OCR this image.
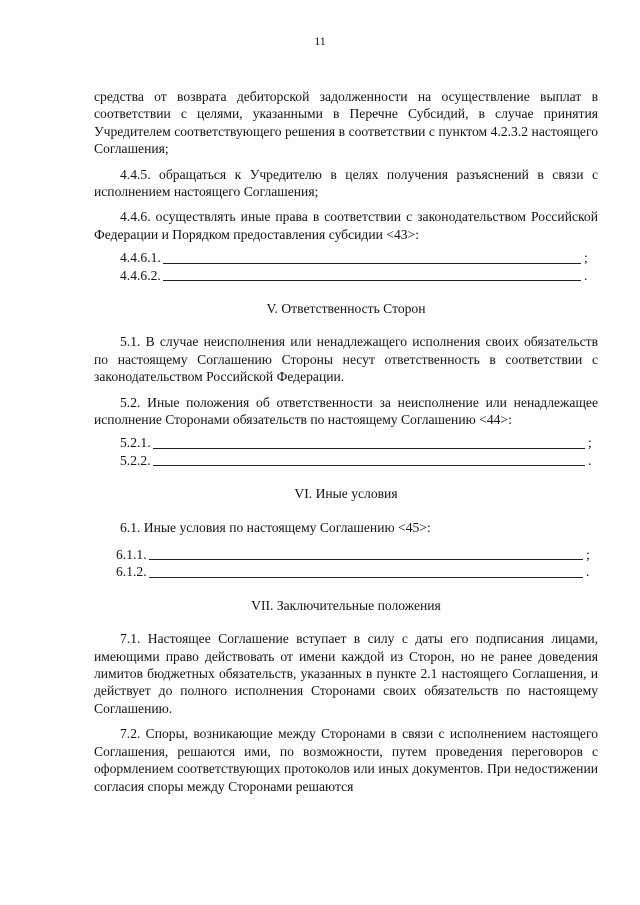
11

средства от возврата дебиторской задолженности на осуществление выплат в соответствии с целями, указанными в Перечне Субсидий, в случае принятия Учредителем соответствующего решения в соответствии с пунктом 4.2.3.2 настоящего Соглашения;

4.4.5. обращаться к Учредителю в целях получения разъяснений в связи с исполнением настоящего Соглашения;

4.4.6. осуществлять иные права в соответствии с законодательством Российской Федерации и Порядком предоставления субсидии <43>:

4.4.6.1.	;
4.4.6.2.	.
V. Ответственность Сторон

5.1. В случае неисполнения или ненадлежащего исполнения своих обязательств по настоящему Соглашению Стороны несут ответственность в соответствии с законодательством Российской Федерации.

5.2. Иные положения об ответственности за неисполнение или ненадлежащее исполнение Сторонами обязательств по настоящему Соглашению <44>:

5.2.1.	;
5.2.2.	.
VI. Иные условия

6.1. Иные условия по настоящему Соглашению <45>:

6.1.1.	;
6.1.2.	.
VII. Заключительные положения

7.1. Настоящее Соглашение вступает в силу с даты его подписания лицами, имеющими право действовать от имени каждой из Сторон, но не ранее доведения лимитов бюджетных обязательств, указанных в пункте 2.1 настоящего Соглашения, и действует до полного исполнения Сторонами своих обязательств по настоящему Соглашению.

7.2. Споры, возникающие между Сторонами в связи с исполнением настоящего Соглашения, решаются ими, по возможности, путем проведения переговоров с оформлением соответствующих протоколов или иных документов. При недостижении согласия споры между Сторонами решаются
